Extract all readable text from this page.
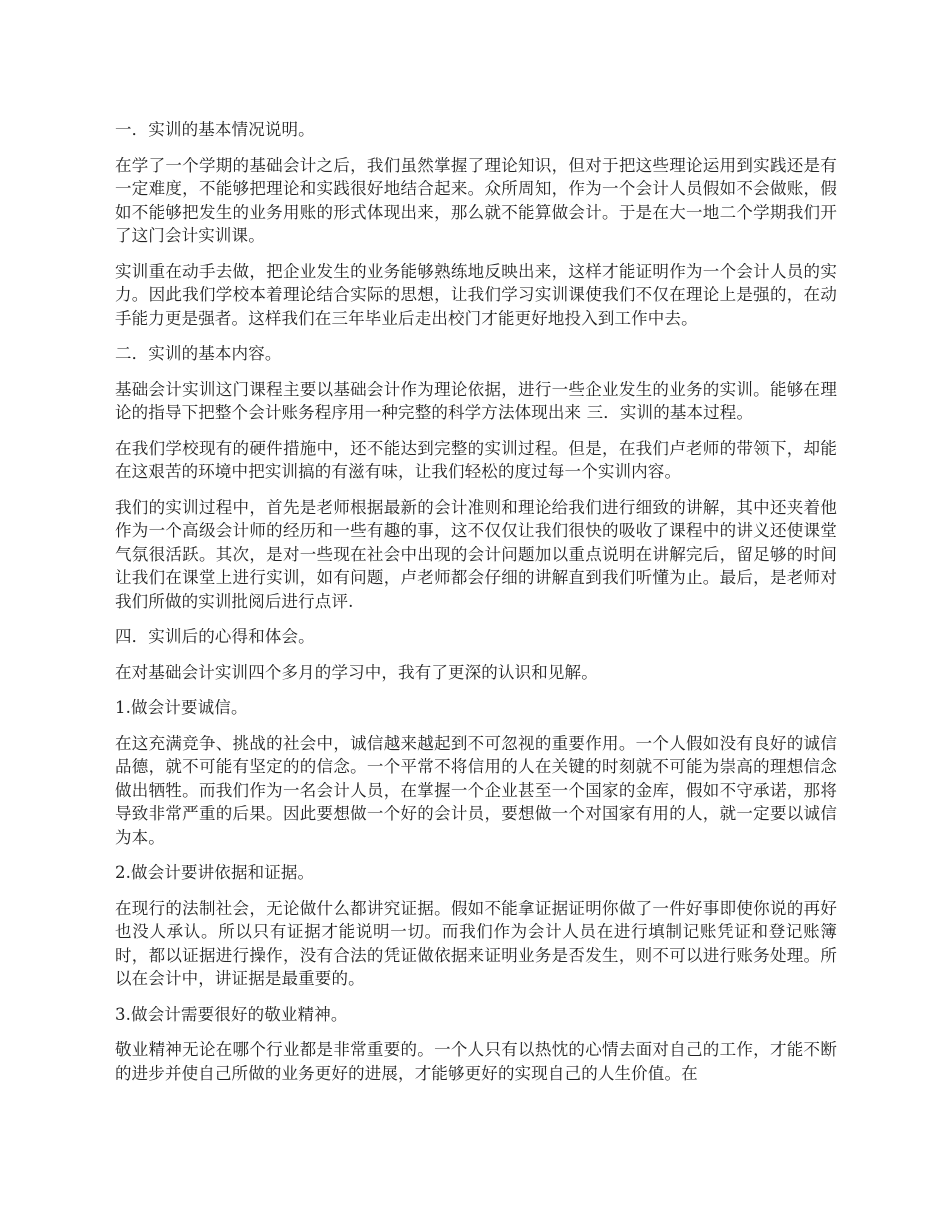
一．实训的基本情况说明。

在学了一个学期的基础会计之后，我们虽然掌握了理论知识，但对于把这些理论运用到实践还是有一定难度，不能够把理论和实践很好地结合起来。众所周知，作为一个会计人员假如不会做账，假如不能够把发生的业务用账的形式体现出来，那么就不能算做会计。于是在大一地二个学期我们开了这门会计实训课。

实训重在动手去做，把企业发生的业务能够熟练地反映出来，这样才能证明作为一个会计人员的实力。因此我们学校本着理论结合实际的思想，让我们学习实训课使我们不仅在理论上是强的，在动手能力更是强者。这样我们在三年毕业后走出校门才能更好地投入到工作中去。

二．实训的基本内容。

基础会计实训这门课程主要以基础会计作为理论依据，进行一些企业发生的业务的实训。能够在理论的指导下把整个会计账务程序用一种完整的科学方法体现出来 三．实训的基本过程。

在我们学校现有的硬件措施中，还不能达到完整的实训过程。但是，在我们卢老师的带领下，却能在这艰苦的环境中把实训搞的有滋有味，让我们轻松的度过每一个实训内容。

我们的实训过程中，首先是老师根据最新的会计准则和理论给我们进行细致的讲解，其中还夹着他作为一个高级会计师的经历和一些有趣的事，这不仅仅让我们很快的吸收了课程中的讲义还使课堂气氛很活跃。其次，是对一些现在社会中出现的会计问题加以重点说明在讲解完后，留足够的时间让我们在课堂上进行实训，如有问题，卢老师都会仔细的讲解直到我们听懂为止。最后，是老师对我们所做的实训批阅后进行点评.

四．实训后的心得和体会。

在对基础会计实训四个多月的学习中，我有了更深的认识和见解。

1.做会计要诚信。

在这充满竞争、挑战的社会中，诚信越来越起到不可忽视的重要作用。一个人假如没有良好的诚信品德，就不可能有坚定的的信念。一个平常不将信用的人在关键的时刻就不可能为崇高的理想信念做出牺牲。而我们作为一名会计人员，在掌握一个企业甚至一个国家的金库，假如不守承诺，那将导致非常严重的后果。因此要想做一个好的会计员，要想做一个对国家有用的人，就一定要以诚信为本。

2.做会计要讲依据和证据。

在现行的法制社会，无论做什么都讲究证据。假如不能拿证据证明你做了一件好事即使你说的再好也没人承认。所以只有证据才能说明一切。而我们作为会计人员在进行填制记账凭证和登记账簿时，都以证据进行操作，没有合法的凭证做依据来证明业务是否发生，则不可以进行账务处理。所以在会计中，讲证据是最重要的。

3.做会计需要很好的敬业精神。

敬业精神无论在哪个行业都是非常重要的。一个人只有以热忱的心情去面对自己的工作，才能不断的进步并使自己所做的业务更好的进展，才能够更好的实现自己的人生价值。在
